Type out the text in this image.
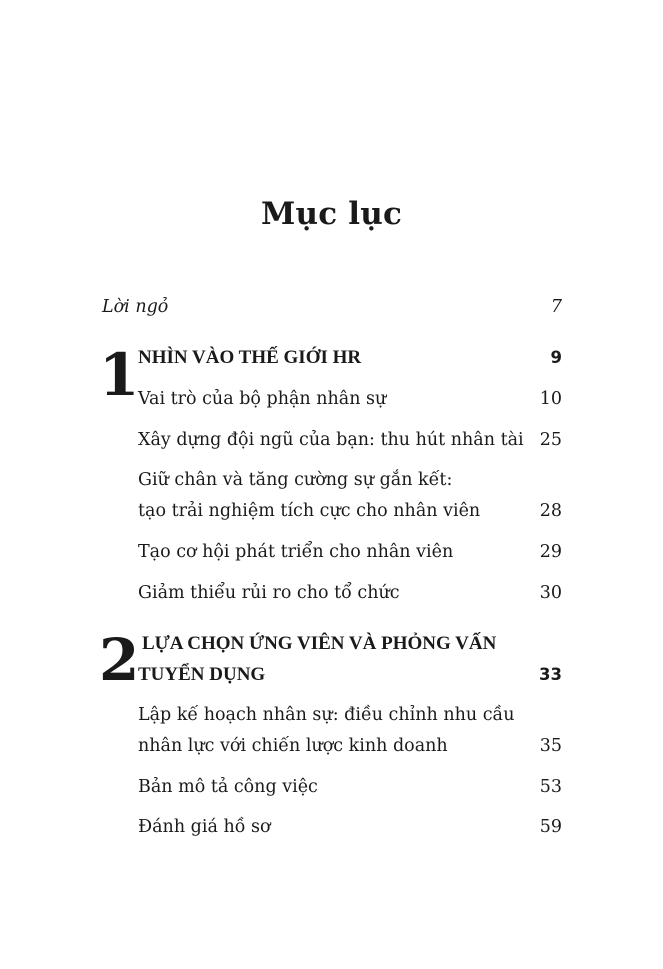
Mục lục
Lời ngỏ	7
1
NHÌN VÀO THẾ GIỚI HR	9
Vai trò của bộ phận nhân sự	10
Xây dựng đội ngũ của bạn: thu hút nhân tài 25
Giữ chân và tăng cường sự gắn kết:
tạo trải nghiệm tích cực cho nhân viên	28
Tạo cơ hội phát triển cho nhân viên	29
Giảm thiểu rủi ro cho tổ chức	30
2 LỰA CHỌN ỨNG VIÊN VÀ PHỎNG VẤN
TUYỂN DỤNG	33
Lập kế hoạch nhân sự: điều chỉnh nhu cầu
nhân lực với chiến lược kinh doanh	35
Bản mô tả công việc	53
Đánh giá hồ sơ	59
